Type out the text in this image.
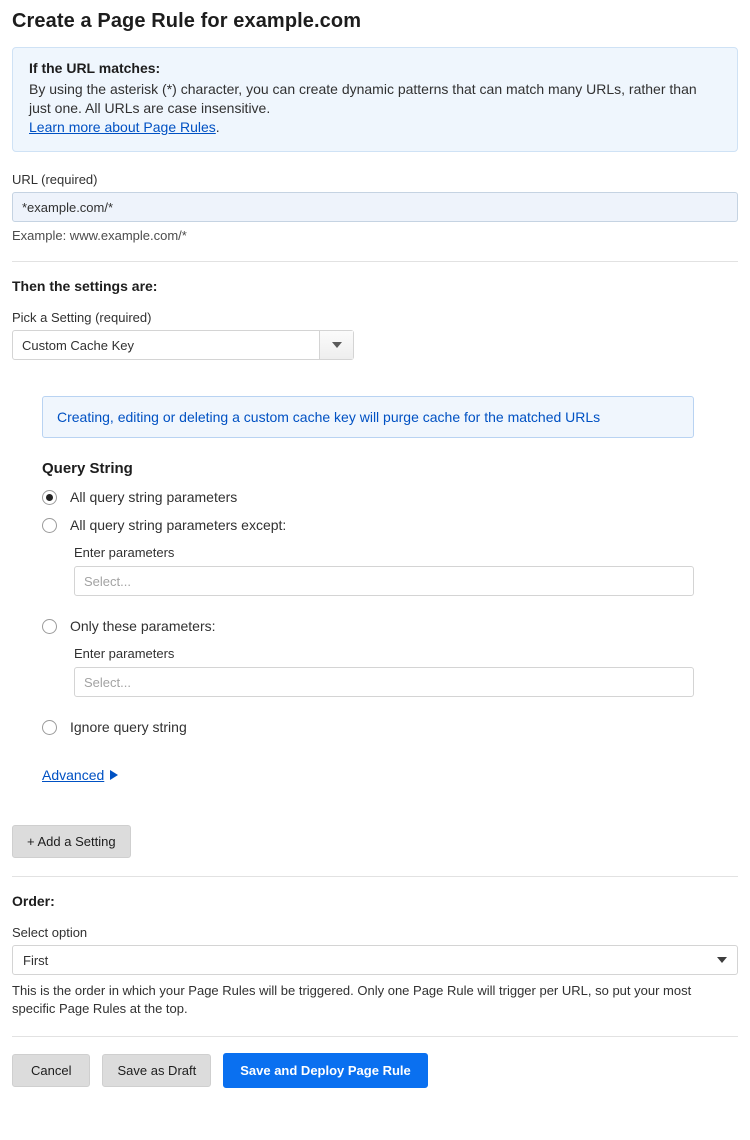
Create a Page Rule for example.com
If the URL matches:
By using the asterisk (*) character, you can create dynamic patterns that can match many URLs, rather than just one. All URLs are case insensitive.
Learn more about Page Rules.
URL (required)
*example.com/*
Example: www.example.com/*
Then the settings are:
Pick a Setting (required)
Custom Cache Key
Creating, editing or deleting a custom cache key will purge cache for the matched URLs
Query String
All query string parameters
All query string parameters except:
Enter parameters
Select...
Only these parameters:
Enter parameters
Select...
Ignore query string
Advanced
+ Add a Setting
Order:
Select option
First
This is the order in which your Page Rules will be triggered. Only one Page Rule will trigger per URL, so put your most specific Page Rules at the top.
Cancel	Save as Draft	Save and Deploy Page Rule
